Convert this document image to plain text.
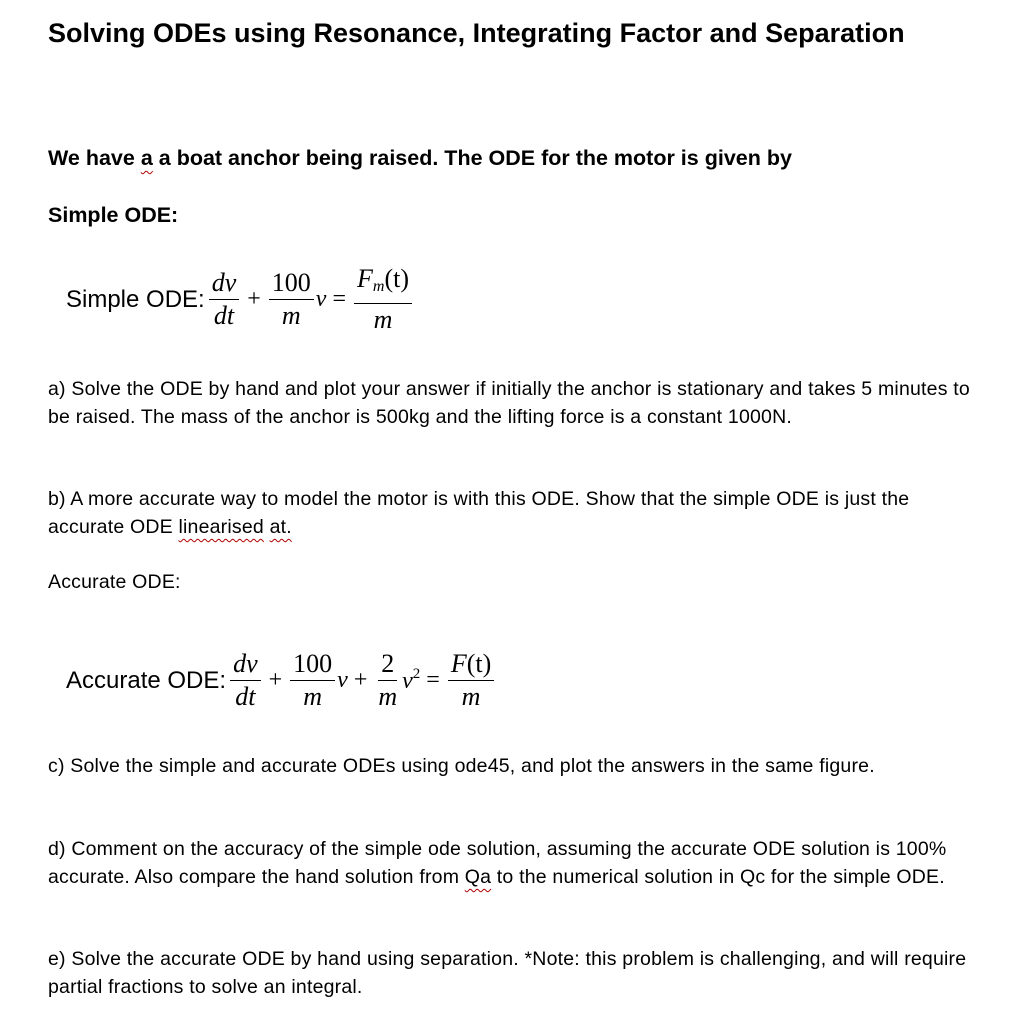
Solving ODEs using Resonance, Integrating Factor and Separation
We have a a boat anchor being raised. The ODE for the motor is given by
Simple ODE:
Simple ODE: $\frac{dv}{dt} + \frac{100}{m}$ $v = \frac{F_m(t)}{m}$
a) Solve the ODE by hand and plot your answer if initially the anchor is stationary and takes 5 minutes to be raised. The mass of the anchor is 500kg and the lifting force is a constant 1000N.
b) A more accurate way to model the motor is with this ODE. Show that the simple ODE is just the accurate ODE linearised at.
Accurate ODE:
Accurate ODE: $\frac{dv}{dt} + \frac{100}{m}$ $v + \frac{2}{m} v^2 = \frac{F(t)}{m}$
c) Solve the simple and accurate ODEs using ode45, and plot the answers in the same figure.
d) Comment on the accuracy of the simple ode solution, assuming the accurate ODE solution is 100% accurate. Also compare the hand solution from Qa to the numerical solution in Qc for the simple ODE.
e) Solve the accurate ODE by hand using separation. *Note: this problem is challenging, and will require partial fractions to solve an integral.
